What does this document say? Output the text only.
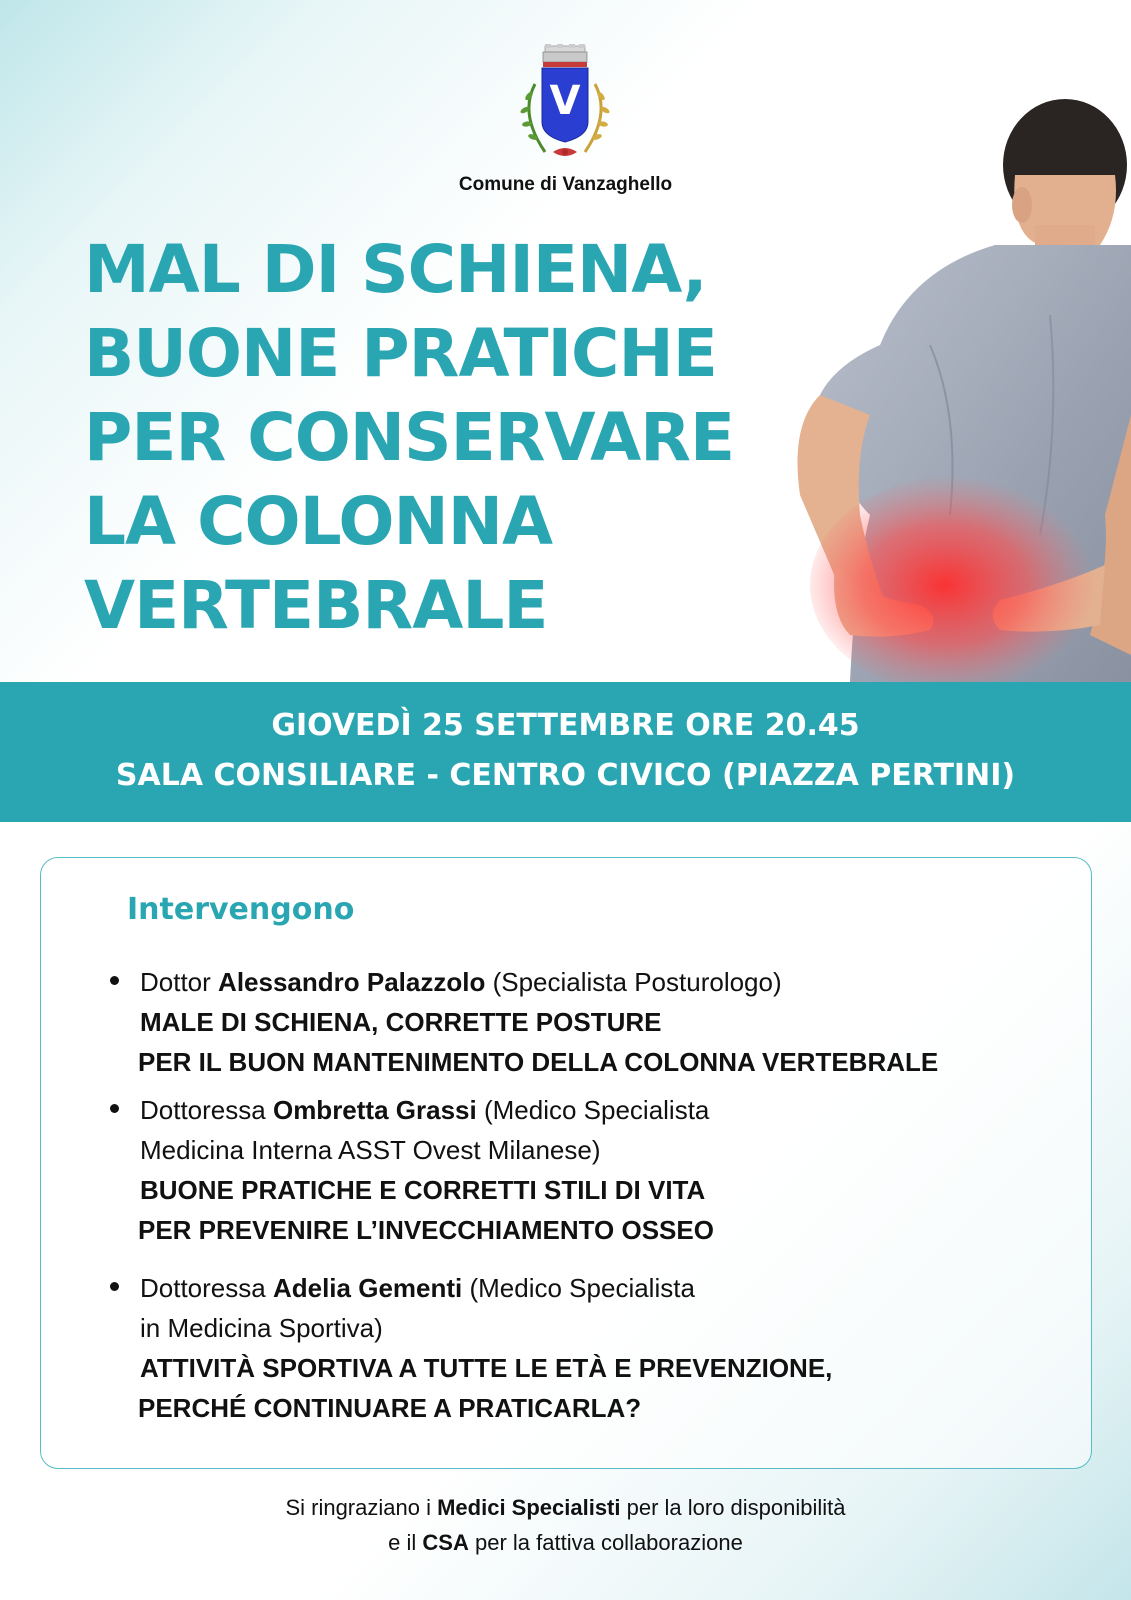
V
Comune di Vanzaghello
MAL DI SCHIENA,
BUONE PRATICHE
PER CONSERVARE
LA COLONNA
VERTEBRALE
GIOVEDÌ 25 SETTEMBRE ORE 20.45
SALA CONSILIARE - CENTRO CIVICO (PIAZZA PERTINI)
Intervengono
Dottor Alessandro Palazzolo (Specialista Posturologo)
MALE DI SCHIENA, CORRETTE POSTURE
PER IL BUON MANTENIMENTO DELLA COLONNA VERTEBRALE
Dottoressa Ombretta Grassi (Medico Specialista
Medicina Interna ASST Ovest Milanese)
BUONE PRATICHE E CORRETTI STILI DI VITA
PER PREVENIRE L’INVECCHIAMENTO OSSEO
Dottoressa Adelia Gementi (Medico Specialista
in Medicina Sportiva)
ATTIVITÀ SPORTIVA A TUTTE LE ETÀ E PREVENZIONE,
PERCHÉ CONTINUARE A PRATICARLA?
Si ringraziano i Medici Specialisti per la loro disponibilità
e il CSA per la fattiva collaborazione
